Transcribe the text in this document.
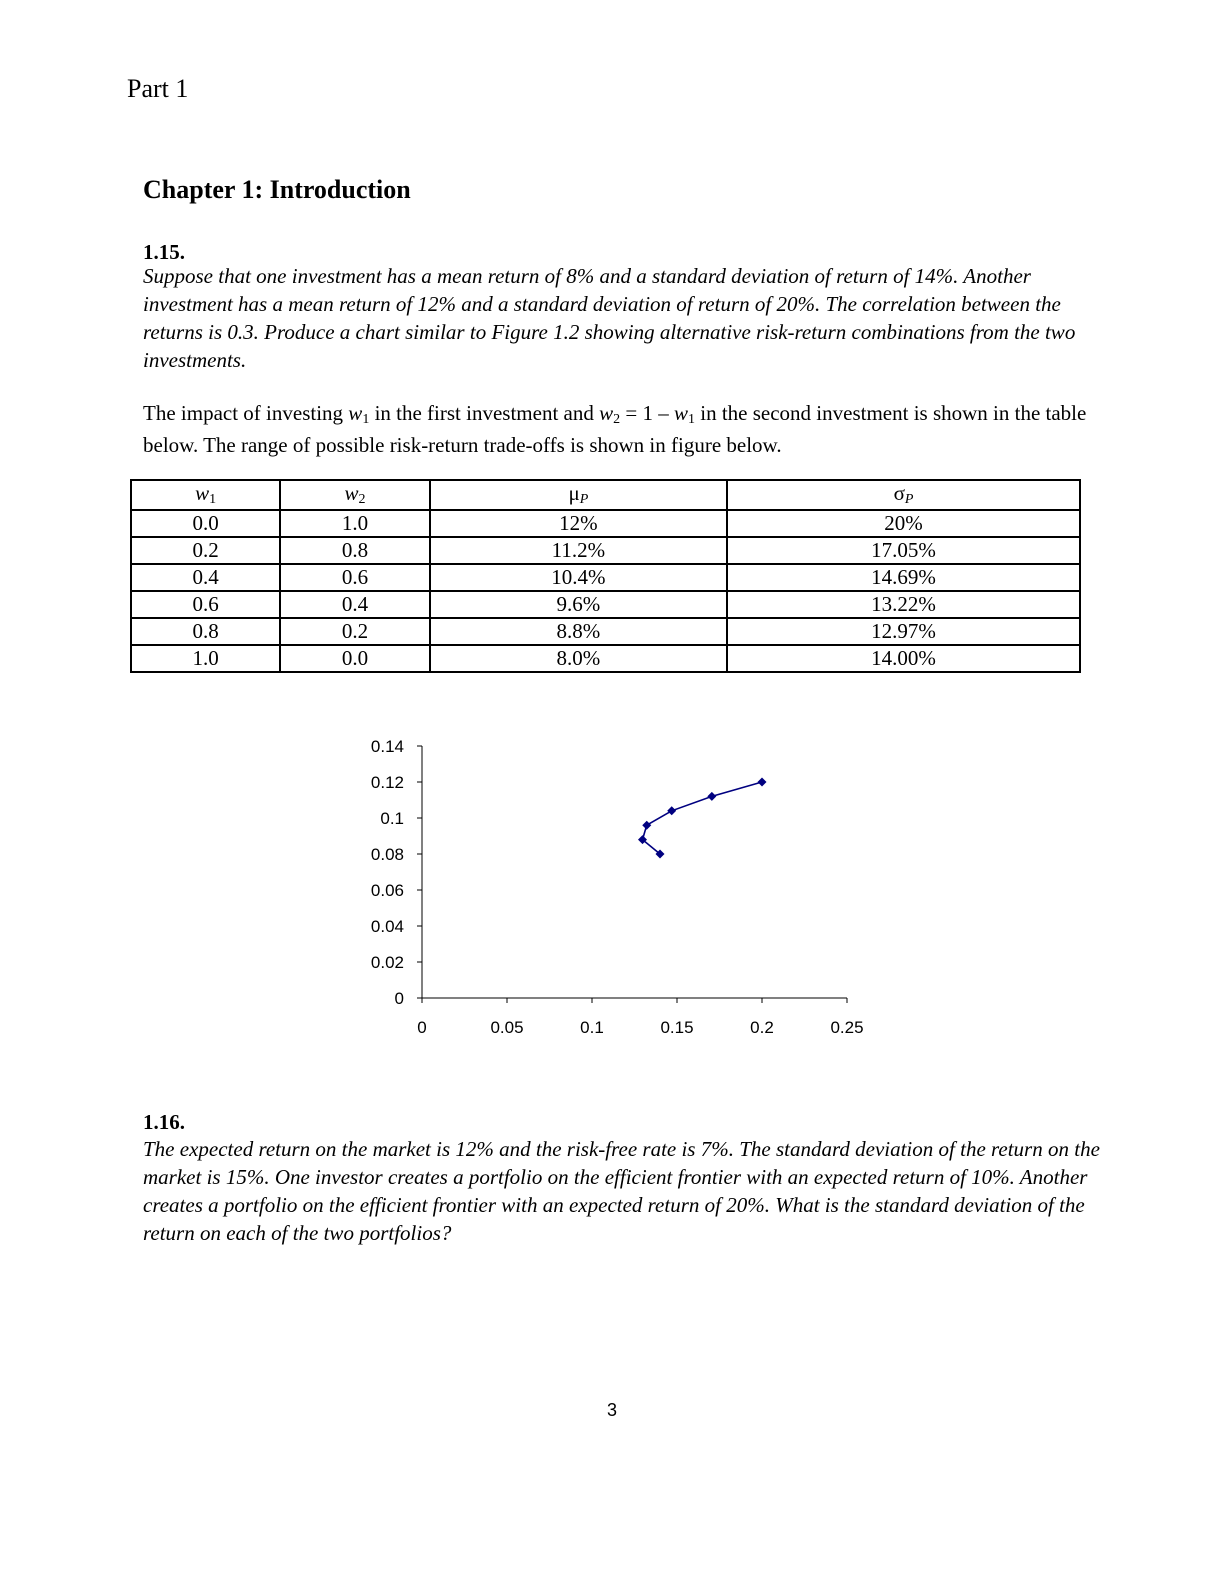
Part 1
Chapter 1: Introduction
1.15.
Suppose that one investment has a mean return of 8% and a standard deviation of return of 14%. Another investment has a mean return of 12% and a standard deviation of return of 20%. The correlation between the returns is 0.3. Produce a chart similar to Figure 1.2 showing alternative risk-return combinations from the two investments.
The impact of investing w1 in the first investment and w2 = 1 – w1 in the second investment is shown in the table below. The range of possible risk-return trade-offs is shown in figure below.
w1	w2	μP	σP
0.0	1.0	12%	20%
0.2	0.8	11.2%	17.05%
0.4	0.6	10.4%	14.69%
0.6	0.4	9.6%	13.22%
0.8	0.2	8.8%	12.97%
1.0	0.0	8.0%	14.00%
0
0.02
0.04
0.06
0.08
0.1
0.12
0.14
0	0.05	0.1	0.15	0.2	0.25
1.16.
The expected return on the market is 12% and the risk-free rate is 7%. The standard deviation of the return on the market is 15%. One investor creates a portfolio on the efficient frontier with an expected return of 10%. Another creates a portfolio on the efficient frontier with an expected return of 20%. What is the standard deviation of the return on each of the two portfolios?
3
